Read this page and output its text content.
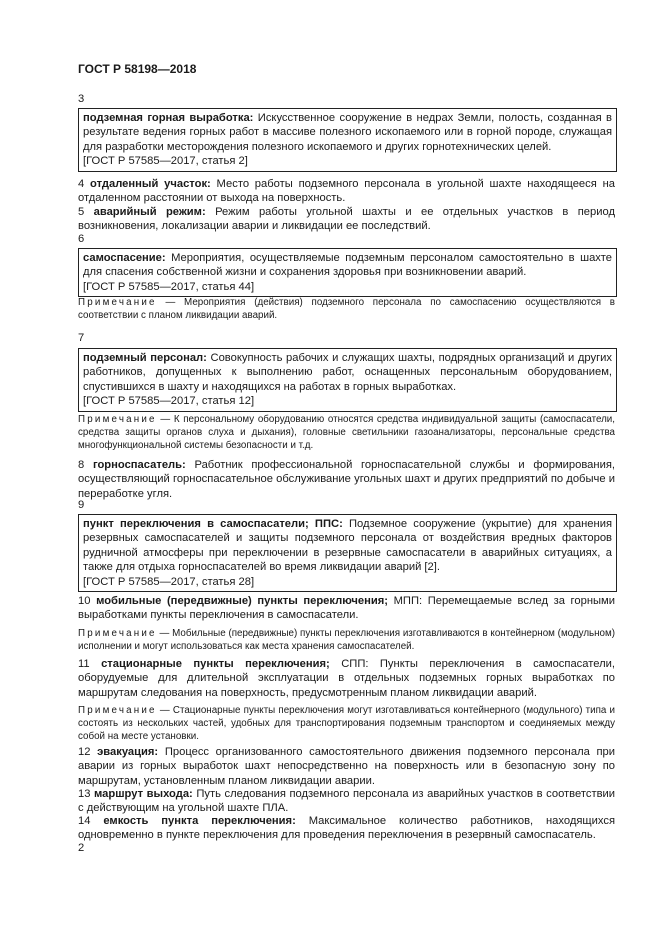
ГОСТ Р 58198—2018
3
подземная горная выработка: Искусственное сооружение в недрах Земли, полость, созданная в результате ведения горных работ в массиве полезного ископаемого или в горной породе, служащая для разработки месторождения полезного ископаемого и других горнотехнических целей.
[ГОСТ Р 57585—2017, статья 2]
4 отдаленный участок: Место работы подземного персонала в угольной шахте находящееся на отдаленном расстоянии от выхода на поверхность.
5 аварийный режим: Режим работы угольной шахты и ее отдельных участков в период возникновения, локализации аварии и ликвидации ее последствий.
6
самоспасение: Мероприятия, осуществляемые подземным персоналом самостоятельно в шахте для спасения собственной жизни и сохранения здоровья при возникновении аварий.
[ГОСТ Р 57585—2017, статья 44]
Примечание — Мероприятия (действия) подземного персонала по самоспасению осуществляются в соответствии с планом ликвидации аварий.
7
подземный персонал: Совокупность рабочих и служащих шахты, подрядных организаций и других работников, допущенных к выполнению работ, оснащенных персональным оборудованием, спустившихся в шахту и находящихся на работах в горных выработках.
[ГОСТ Р 57585—2017, статья 12]
Примечание — К персональному оборудованию относятся средства индивидуальной защиты (самоспасатели, средства защиты органов слуха и дыхания), головные светильники газоанализаторы, персональные средства многофункциональной системы безопасности и т.д.
8 горноспасатель: Работник профессиональной горноспасательной службы и формирования, осуществляющий горноспасательное обслуживание угольных шахт и других предприятий по добыче и переработке угля.
9
пункт переключения в самоспасатели; ППС: Подземное сооружение (укрытие) для хранения резервных самоспасателей и защиты подземного персонала от воздействия вредных факторов рудничной атмосферы при переключении в резервные самоспасатели в аварийных ситуациях, а также для отдыха горноспасателей во время ликвидации аварий [2].
[ГОСТ Р 57585—2017, статья 28]
10 мобильные (передвижные) пункты переключения; МПП: Перемещаемые вслед за горными выработками пункты переключения в самоспасатели.
Примечание — Мобильные (передвижные) пункты переключения изготавливаются в контейнерном (модульном) исполнении и могут использоваться как места хранения самоспасателей.
11 стационарные пункты переключения; СПП: Пункты переключения в самоспасатели, оборудуемые для длительной эксплуатации в отдельных подземных горных выработках по маршрутам следования на поверхность, предусмотренным планом ликвидации аварий.
Примечание — Стационарные пункты переключения могут изготавливаться контейнерного (модульного) типа и состоять из нескольких частей, удобных для транспортирования подземным транспортом и соединяемых между собой на месте установки.
12 эвакуация: Процесс организованного самостоятельного движения подземного персонала при аварии из горных выработок шахт непосредственно на поверхность или в безопасную зону по маршрутам, установленным планом ликвидации аварии.
13 маршрут выхода: Путь следования подземного персонала из аварийных участков в соответствии с действующим на угольной шахте ПЛА.
14 емкость пункта переключения: Максимальное количество работников, находящихся одновременно в пункте переключения для проведения переключения в резервный самоспасатель.
2
